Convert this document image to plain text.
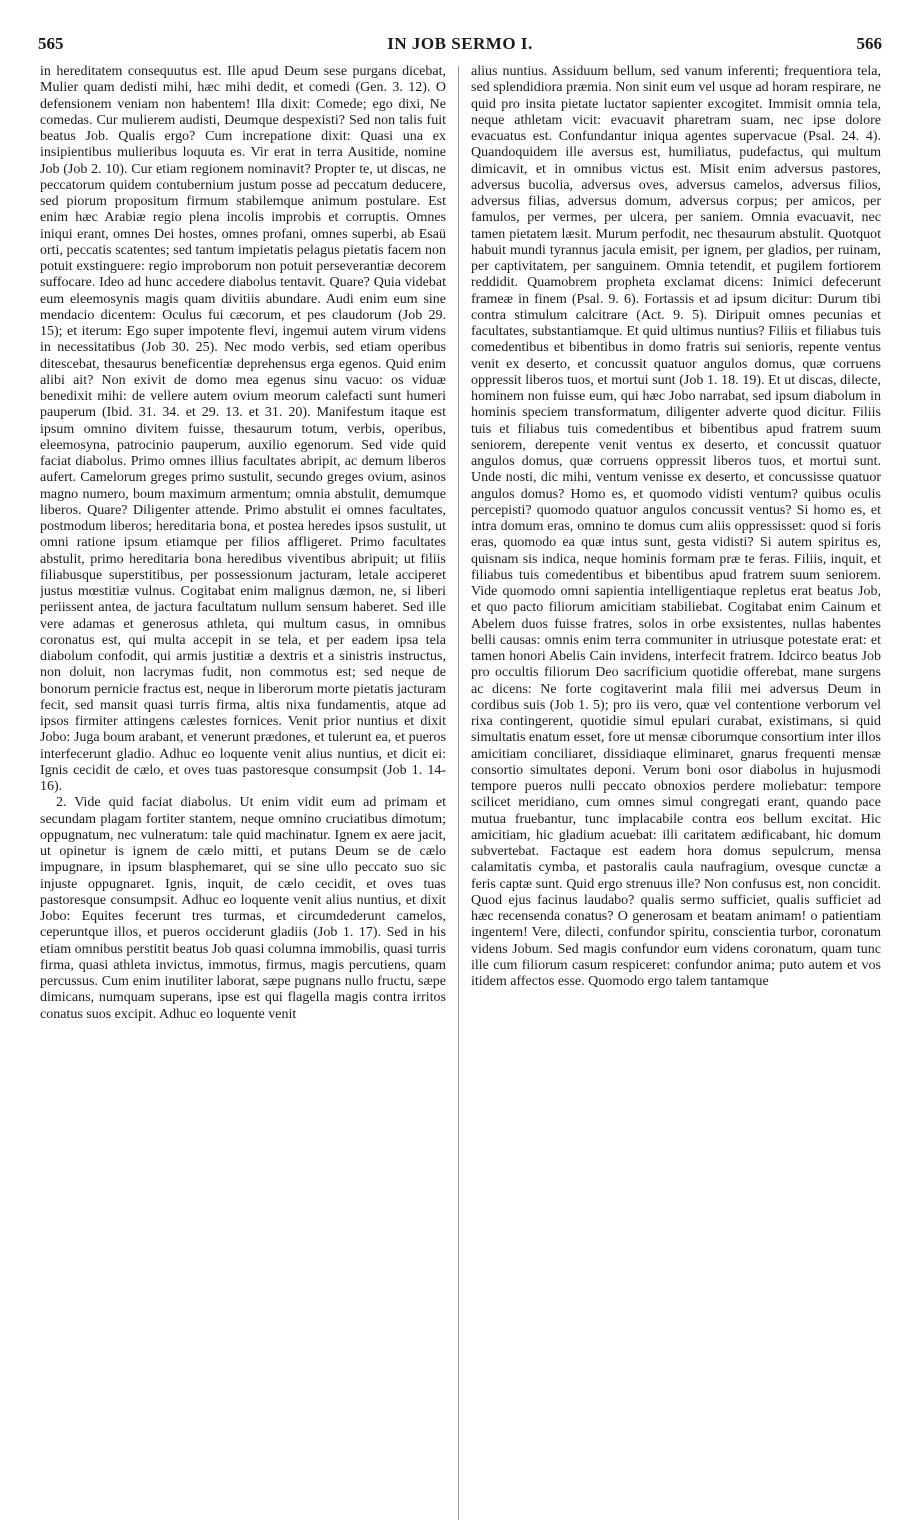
565	IN JOB SERMO I.	566

in hereditatem consequutus est. Ille apud Deum sese purgans dicebat, Mulier quam dedisti mihi, hæc mihi dedit, et comedi (Gen. 3. 12). O defensionem veniam non habentem! Illa dixit: Comede; ego dixi, Ne comedas. Cur mulierem audisti, Deumque despexisti? Sed non talis fuit beatus Job. Qualis ergo? Cum increpatione dixit: Quasi una ex insipientibus mulieribus loquuta es. Vir erat in terra Ausitide, nomine Job (Job 2. 10). Cur etiam regionem nominavit? Propter te, ut discas, ne peccatorum quidem contubernium justum posse ad peccatum deducere, sed piorum propositum firmum stabilemque animum postulare. Est enim hæc Arabiæ regio plena incolis improbis et corruptis. Omnes iniqui erant, omnes Dei hostes, omnes profani, omnes superbi, ab Esaü orti, peccatis scatentes; sed tantum impietatis pelagus pietatis facem non potuit exstinguere: regio improborum non potuit perseverantiæ decorem suffocare. Ideo ad hunc accedere diabolus tentavit. Quare? Quia videbat eum eleemosynis magis quam divitiis abundare. Audi enim eum sine mendacio dicentem: Oculus fui cæcorum, et pes claudorum (Job 29. 15); et iterum: Ego super impotente flevi, ingemui autem virum videns in necessitatibus (Job 30. 25). Nec modo verbis, sed etiam operibus ditescebat, thesaurus beneficentiæ deprehensus erga egenos. Quid enim alibi ait? Non exivit de domo mea egenus sinu vacuo: os viduæ benedixit mihi: de vellere autem ovium meorum calefacti sunt humeri pauperum (Ibid. 31. 34. et 29. 13. et 31. 20). Manifestum itaque est ipsum omnino divitem fuisse, thesaurum totum, verbis, operibus, eleemosyna, patrocinio pauperum, auxilio egenorum. Sed vide quid faciat diabolus. Primo omnes illius facultates abripit, ac demum liberos aufert. Camelorum greges primo sustulit, secundo greges ovium, asinos magno numero, boum maximum armentum; omnia abstulit, demumque liberos. Quare? Diligenter attende. Primo abstulit ei omnes facultates, postmodum liberos; hereditaria bona, et postea heredes ipsos sustulit, ut omni ratione ipsum etiamque per filios affligeret. Primo facultates abstulit, primo hereditaria bona heredibus viventibus abripuit; ut filiis filiabusque superstitibus, per possessionum jacturam, letale acciperet justus mœstitiæ vulnus. Cogitabat enim malignus dæmon, ne, si liberi periissent antea, de jactura facultatum nullum sensum haberet. Sed ille vere adamas et generosus athleta, qui multum casus, in omnibus coronatus est, qui multa accepit in se tela, et per eadem ipsa tela diabolum confodit, qui armis justitiæ a dextris et a sinistris instructus, non doluit, non lacrymas fudit, non commotus est; sed neque de bonorum pernicie fractus est, neque in liberorum morte pietatis jacturam fecit, sed mansit quasi turris firma, altis nixa fundamentis, atque ad ipsos firmiter attingens cælestes fornices. Venit prior nuntius et dixit Jobo: Juga boum arabant, et venerunt prædones, et tulerunt ea, et pueros interfecerunt gladio. Adhuc eo loquente venit alius nuntius, et dicit ei: Ignis cecidit de cælo, et oves tuas pastoresque consumpsit (Job 1. 14-16).

2. Vide quid faciat diabolus. Ut enim vidit eum ad primam et secundam plagam fortiter stantem, neque omnino cruciatibus dimotum; oppugnatum, nec vulneratum: tale quid machinatur. Ignem ex aere jacit, ut opinetur is ignem de cælo mitti, et putans Deum se de cælo impugnare, in ipsum blasphemaret, qui se sine ullo peccato suo sic injuste oppugnaret. Ignis, inquit, de cælo cecidit, et oves tuas pastoresque consumpsit. Adhuc eo loquente venit alius nuntius, et dixit Jobo: Equites fecerunt tres turmas, et circumdederunt camelos, ceperuntque illos, et pueros occiderunt gladiis (Job 1. 17). Sed in his etiam omnibus perstitit beatus Job quasi columna immobilis, quasi turris firma, quasi athleta invictus, immotus, firmus, magis percutiens, quam percussus. Cum enim inutiliter laborat, sæpe pugnans nullo fructu, sæpe dimicans, numquam superans, ipse est qui flagella magis contra irritos conatus suos excipit. Adhuc eo loquente venit

alius nuntius. Assiduum bellum, sed vanum inferenti; frequentiora tela, sed splendidiora præmia. Non sinit eum vel usque ad horam respirare, ne quid pro insita pietate luctator sapienter excogitet. Immisit omnia tela, neque athletam vicit: evacuavit pharetram suam, nec ipse dolore evacuatus est. Confundantur iniqua agentes supervacue (Psal. 24. 4). Quandoquidem ille aversus est, humiliatus, pudefactus, qui multum dimicavit, et in omnibus victus est. Misit enim adversus pastores, adversus bucolia, adversus oves, adversus camelos, adversus filios, adversus filias, adversus domum, adversus corpus; per amicos, per famulos, per vermes, per ulcera, per saniem. Omnia evacuavit, nec tamen pietatem læsit. Murum perfodit, nec thesaurum abstulit. Quotquot habuit mundi tyrannus jacula emisit, per ignem, per gladios, per ruinam, per captivitatem, per sanguinem. Omnia tetendit, et pugilem fortiorem reddidit. Quamobrem propheta exclamat dicens: Inimici defecerunt frameæ in finem (Psal. 9. 6). Fortassis et ad ipsum dicitur: Durum tibi contra stimulum calcitrare (Act. 9. 5). Diripuit omnes pecunias et facultates, substantiamque. Et quid ultimus nuntius? Filiis et filiabus tuis comedentibus et bibentibus in domo fratris sui senioris, repente ventus venit ex deserto, et concussit quatuor angulos domus, quæ corruens oppressit liberos tuos, et mortui sunt (Job 1. 18. 19). Et ut discas, dilecte, hominem non fuisse eum, qui hæc Jobo narrabat, sed ipsum diabolum in hominis speciem transformatum, diligenter adverte quod dicitur. Filiis tuis et filiabus tuis comedentibus et bibentibus apud fratrem suum seniorem, derepente venit ventus ex deserto, et concussit quatuor angulos domus, quæ corruens oppressit liberos tuos, et mortui sunt. Unde nosti, dic mihi, ventum venisse ex deserto, et concussisse quatuor angulos domus? Homo es, et quomodo vidisti ventum? quibus oculis percepisti? quomodo quatuor angulos concussit ventus? Si homo es, et intra domum eras, omnino te domus cum aliis oppressisset: quod si foris eras, quomodo ea quæ intus sunt, gesta vidisti? Si autem spiritus es, quisnam sis indica, neque hominis formam præ te feras. Filiis, inquit, et filiabus tuis comedentibus et bibentibus apud fratrem suum seniorem. Vide quomodo omni sapientia intelligentiaque repletus erat beatus Job, et quo pacto filiorum amicitiam stabiliebat. Cogitabat enim Cainum et Abelem duos fuisse fratres, solos in orbe exsistentes, nullas habentes belli causas: omnis enim terra communiter in utriusque potestate erat: et tamen honori Abelis Cain invidens, interfecit fratrem. Idcirco beatus Job pro occultis filiorum Deo sacrificium quotidie offerebat, mane surgens ac dicens: Ne forte cogitaverint mala filii mei adversus Deum in cordibus suis (Job 1. 5); pro iis vero, quæ vel contentione verborum vel rixa contingerent, quotidie simul epulari curabat, existimans, si quid simultatis enatum esset, fore ut mensæ ciborumque consortium inter illos amicitiam conciliaret, dissidiaque eliminaret, gnarus frequenti mensæ consortio simultates deponi. Verum boni osor diabolus in hujusmodi tempore pueros nulli peccato obnoxios perdere moliebatur: tempore scilicet meridiano, cum omnes simul congregati erant, quando pace mutua fruebantur, tunc implacabile contra eos bellum excitat. Hic amicitiam, hic gladium acuebat: illi caritatem ædificabant, hic domum subvertebat. Factaque est eadem hora domus sepulcrum, mensa calamitatis cymba, et pastoralis caula naufragium, ovesque cunctæ a feris captæ sunt. Quid ergo strenuus ille? Non confusus est, non concidit. Quod ejus facinus laudabo? qualis sermo sufficiet, qualis sufficiet ad hæc recensenda conatus? O generosam et beatam animam! o patientiam ingentem! Vere, dilecti, confundor spiritu, conscientia turbor, coronatum videns Jobum. Sed magis confundor eum videns coronatum, quam tunc ille cum filiorum casum respiceret: confundor anima; puto autem et vos itidem affectos esse. Quomodo ergo talem tantamque
